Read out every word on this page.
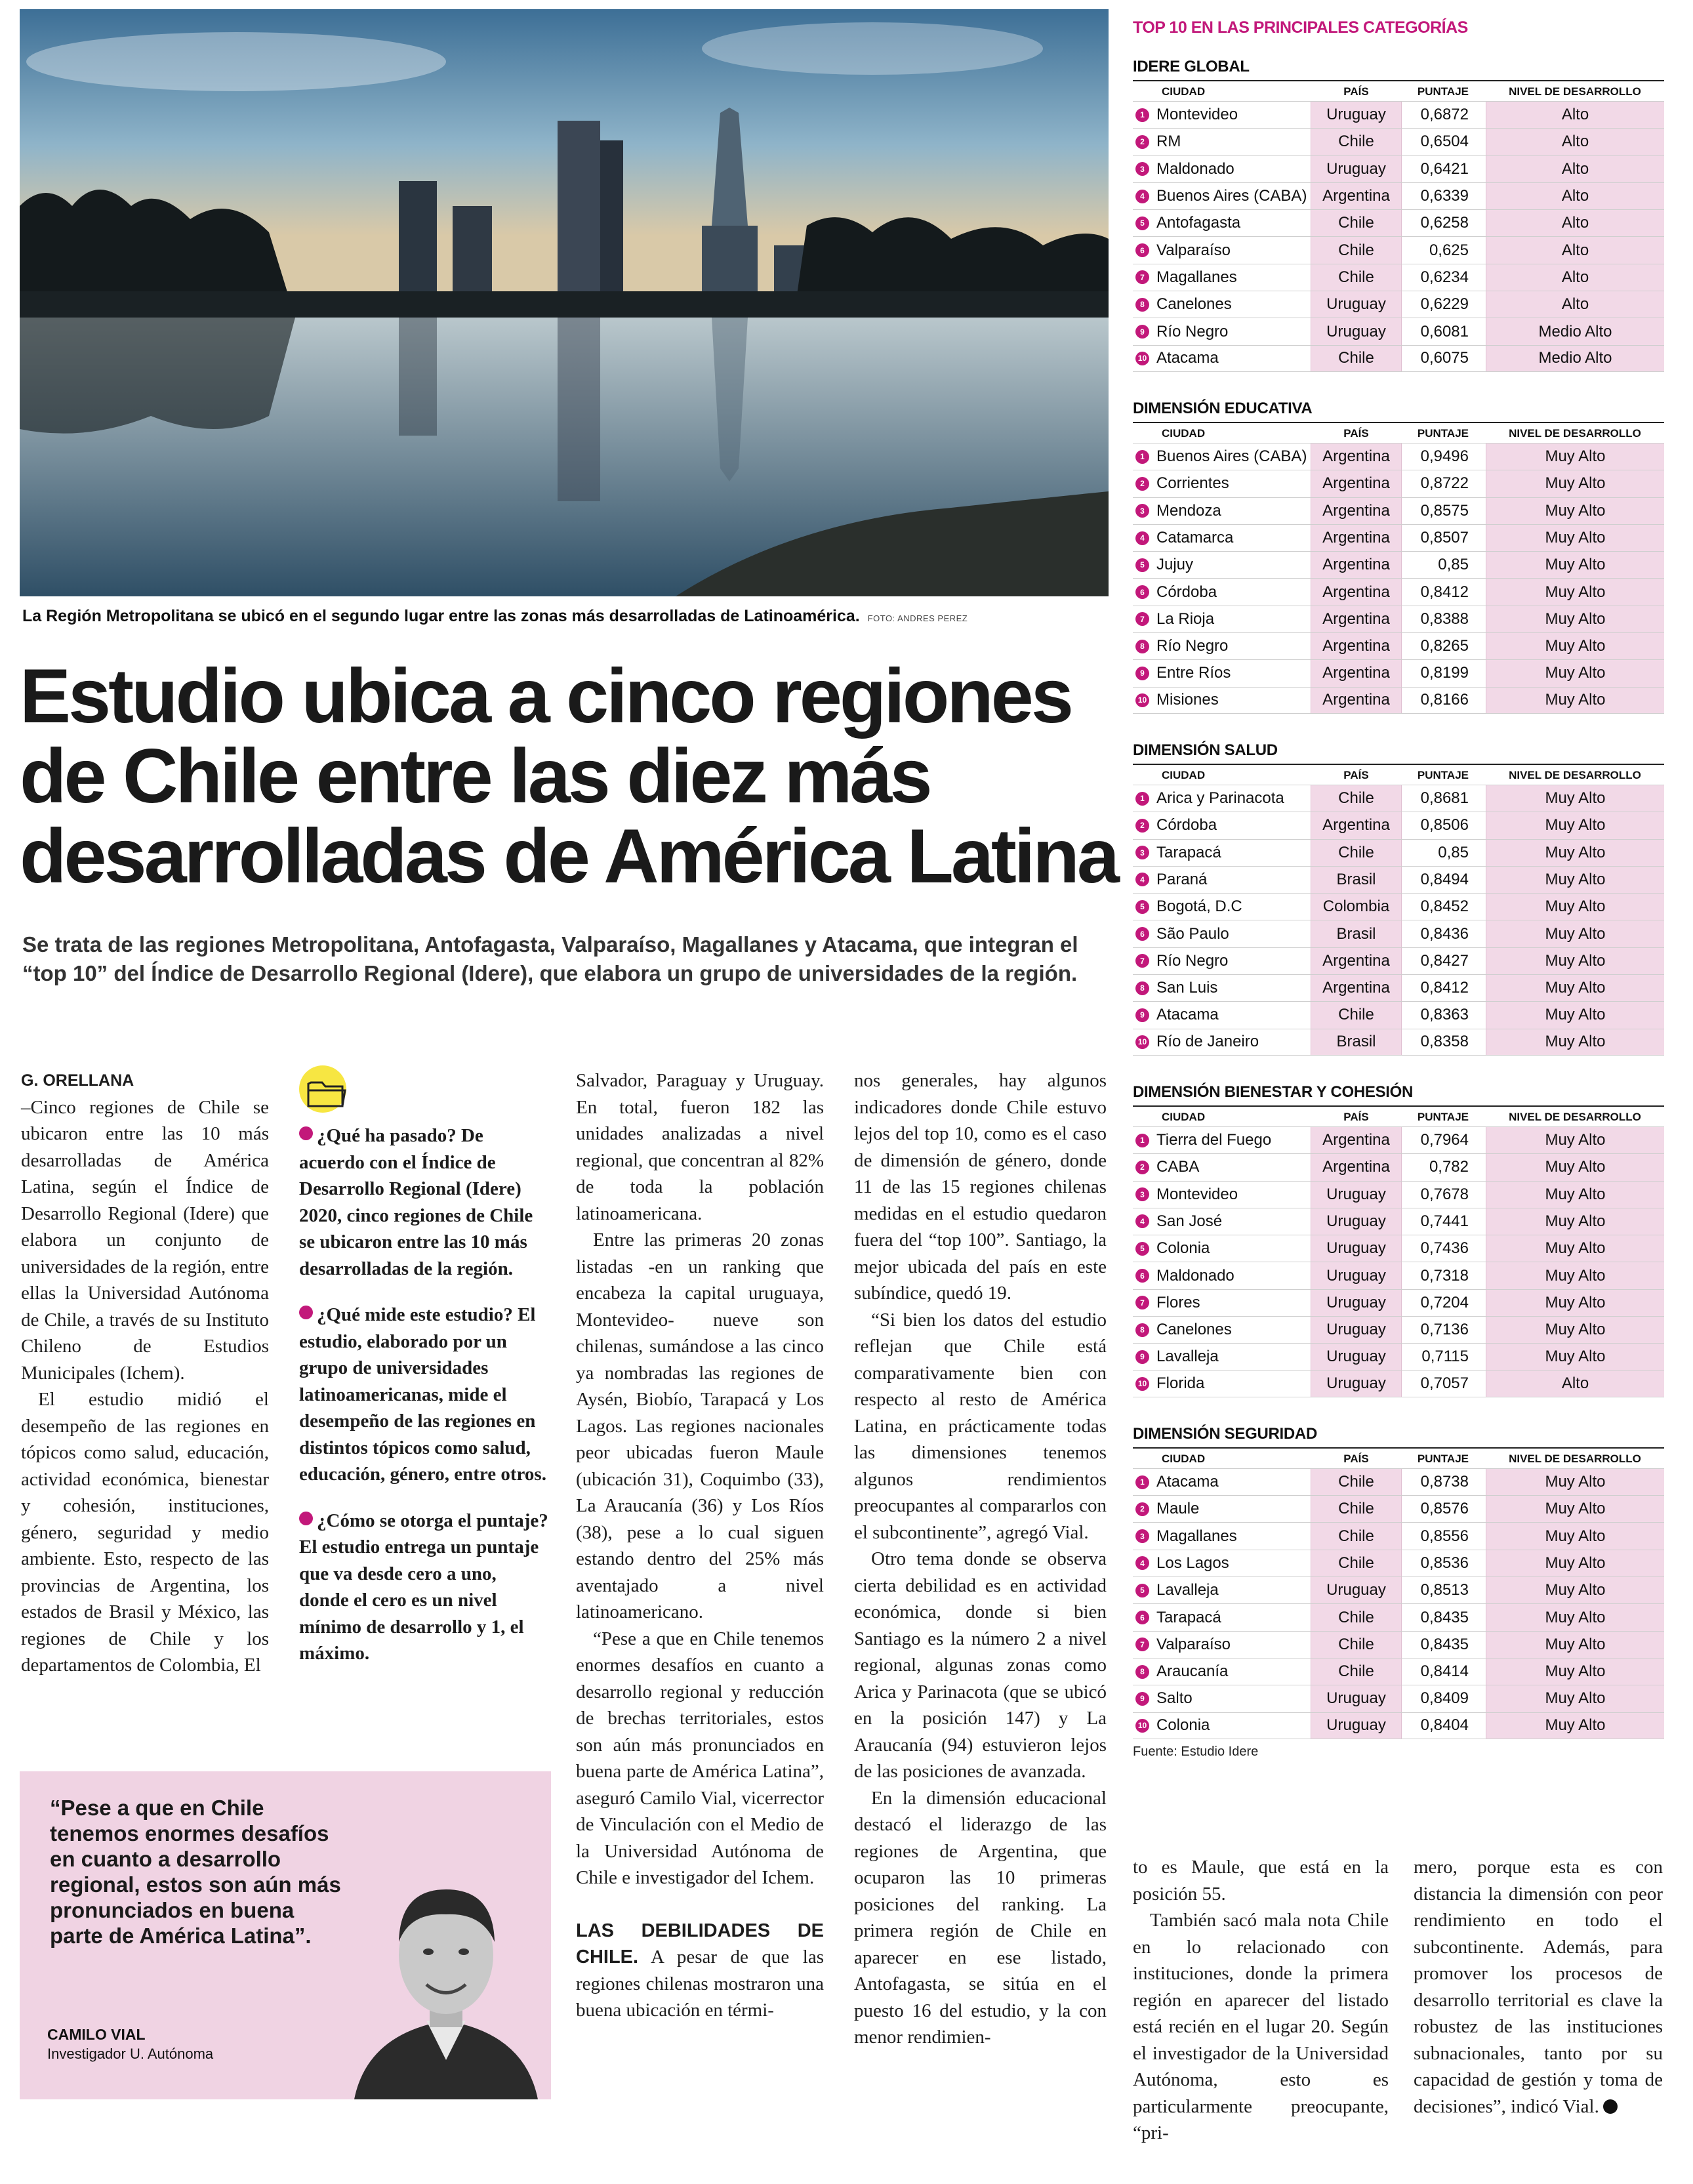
La Región Metropolitana se ubicó en el segundo lugar entre las zonas más desarrolladas de Latinoamérica. FOTO: ANDRES PEREZ
Estudio ubica a cinco regiones
de Chile entre las diez más
desarrolladas de América Latina

Se trata de las regiones Metropolitana, Antofagasta, Valparaíso, Magallanes y Atacama, que integran el “top 10” del Índice de Desarrollo Regional (Idere), que elabora un grupo de universidades de la región.

G. ORELLANA

–Cinco regiones de Chile se ubicaron entre las 10 más desarrolladas de América Latina, según el Índice de Desarrollo Regional (Idere) que elabora un conjunto de universidades de la región, entre ellas la Universidad Autónoma de Chile, a través de su Instituto Chileno de Estudios Municipales (Ichem).

El estudio midió el desempeño de las regiones en tópicos como salud, educación, actividad económica, bienestar y cohesión, instituciones, género, seguridad y medio ambiente. Esto, respecto de las provincias de Argentina, los estados de Brasil y México, las regiones de Chile y los departamentos de Colombia, El

¿Qué ha pasado? De acuerdo con el Índice de Desarrollo Regional (Idere) 2020, cinco regiones de Chile se ubicaron entre las 10 más desarrolladas de la región.
¿Qué mide este estudio? El estudio, elaborado por un grupo de universidades latinoamericanas, mide el desempeño de las regiones en distintos tópicos como salud, educación, género, entre otros.
¿Cómo se otorga el puntaje? El estudio entrega un puntaje que va desde cero a uno, donde el cero es un nivel mínimo de desarrollo y 1, el máximo.

Salvador, Paraguay y Uruguay. En total, fueron 182 las unidades analizadas a nivel regional, que concentran al 82% de toda la población latinoamericana.

Entre las primeras 20 zonas listadas -en un ranking que encabeza la capital uruguaya, Montevideo- nueve son chilenas, sumándose a las cinco ya nombradas las regiones de Aysén, Biobío, Tarapacá y Los Lagos. Las regiones nacionales peor ubicadas fueron Maule (ubicación 31), Coquimbo (33), La Araucanía (36) y Los Ríos (38), pese a lo cual siguen estando dentro del 25% más aventajado a nivel latinoamericano.

“Pese a que en Chile tenemos enormes desafíos en cuanto a desarrollo regional y reducción de brechas territoriales, estos son aún más pronunciados en buena parte de América Latina”, aseguró Camilo Vial, vicerrector de Vinculación con el Medio de la Universidad Autónoma de Chile e investigador del Ichem.

LAS DEBILIDADES DE CHILE. A pesar de que las regiones chilenas mostraron una buena ubicación en térmi-

nos generales, hay algunos indicadores donde Chile estuvo lejos del top 10, como es el caso de dimensión de género, donde 11 de las 15 regiones chilenas medidas en el estudio quedaron fuera del “top 100”. Santiago, la mejor ubicada del país en este subíndice, quedó 19.

“Si bien los datos del estudio reflejan que Chile está comparativamente bien con respecto al resto de América Latina, en prácticamente todas las dimensiones tenemos algunos rendimientos preocupantes al compararlos con el subcontinente”, agregó Vial.

Otro tema donde se observa cierta debilidad es en actividad económica, donde si bien Santiago es la número 2 a nivel regional, algunas zonas como Arica y Parinacota (que se ubicó en la posición 147) y La Araucanía (94) estuvieron lejos de las posiciones de avanzada.

En la dimensión educacional destacó el liderazgo de las regiones de Argentina, que ocuparon las 10 primeras posiciones del ranking. La primera región de Chile en aparecer en ese listado, Antofagasta, se sitúa en el puesto 16 del estudio, y la con menor rendimien-

to es Maule, que está en la posición 55.

También sacó mala nota Chile en lo relacionado con instituciones, donde la primera región en aparecer del listado está recién en el lugar 20. Según el investigador de la Universidad Autónoma, esto es particularmente preocupante, “pri-

mero, porque esta es con distancia la dimensión con peor rendimiento en todo el subcontinente. Además, para promover los procesos de desarrollo territorial es clave la robustez de las instituciones subnacionales, tanto por su capacidad de gestión y toma de decisiones”, indicó Vial.

“Pese a que en Chile tenemos enormes desafíos en cuanto a desarrollo regional, estos son aún más pronunciados en buena parte de América Latina”.

CAMILO VIAL

Investigador U. Autónoma

TOP 10 EN LAS PRINCIPALES CATEGORÍAS
IDERE GLOBAL
CIUDAD	PAÍS	PUNTAJE	NIVEL DE DESARROLLO
1 Montevideo	Uruguay	0,6872	Alto
2 RM	Chile	0,6504	Alto
3 Maldonado	Uruguay	0,6421	Alto
4 Buenos Aires (CABA) Argentina	0,6339	Alto
5 Antofagasta	Chile	0,6258	Alto
6 Valparaíso	Chile	0,625	Alto
7 Magallanes	Chile	0,6234	Alto
8 Canelones	Uruguay	0,6229	Alto
9 Río Negro	Uruguay	0,6081	Medio Alto
10 Atacama	Chile	0,6075	Medio Alto
DIMENSIÓN EDUCATIVA
CIUDAD	PAÍS	PUNTAJE	NIVEL DE DESARROLLO
1 Buenos Aires (CABA) Argentina	0,9496	Muy Alto
2 Corrientes	Argentina	0,8722	Muy Alto
3 Mendoza	Argentina	0,8575	Muy Alto
4 Catamarca	Argentina	0,8507	Muy Alto
5 Jujuy	Argentina	0,85	Muy Alto
6 Córdoba	Argentina	0,8412	Muy Alto
7 La Rioja	Argentina	0,8388	Muy Alto
8 Río Negro	Argentina	0,8265	Muy Alto
9 Entre Ríos	Argentina	0,8199	Muy Alto
10 Misiones	Argentina	0,8166	Muy Alto
DIMENSIÓN SALUD
CIUDAD	PAÍS	PUNTAJE	NIVEL DE DESARROLLO
1 Arica y Parinacota	Chile	0,8681	Muy Alto
2 Córdoba	Argentina	0,8506	Muy Alto
3 Tarapacá	Chile	0,85	Muy Alto
4 Paraná	Brasil	0,8494	Muy Alto
5 Bogotá, D.C	Colombia	0,8452	Muy Alto
6 São Paulo	Brasil	0,8436	Muy Alto
7 Río Negro	Argentina	0,8427	Muy Alto
8 San Luis	Argentina	0,8412	Muy Alto
9 Atacama	Chile	0,8363	Muy Alto
10 Río de Janeiro	Brasil	0,8358	Muy Alto
DIMENSIÓN BIENESTAR Y COHESIÓN
CIUDAD	PAÍS	PUNTAJE	NIVEL DE DESARROLLO
1 Tierra del Fuego	Argentina	0,7964	Muy Alto
2 CABA	Argentina	0,782	Muy Alto
3 Montevideo	Uruguay	0,7678	Muy Alto
4 San José	Uruguay	0,7441	Muy Alto
5 Colonia	Uruguay	0,7436	Muy Alto
6 Maldonado	Uruguay	0,7318	Muy Alto
7 Flores	Uruguay	0,7204	Muy Alto
8 Canelones	Uruguay	0,7136	Muy Alto
9 Lavalleja	Uruguay	0,7115	Muy Alto
10 Florida	Uruguay	0,7057	Alto
DIMENSIÓN SEGURIDAD
CIUDAD	PAÍS	PUNTAJE	NIVEL DE DESARROLLO
1 Atacama	Chile	0,8738	Muy Alto
2 Maule	Chile	0,8576	Muy Alto
3 Magallanes	Chile	0,8556	Muy Alto
4 Los Lagos	Chile	0,8536	Muy Alto
5 Lavalleja	Uruguay	0,8513	Muy Alto
6 Tarapacá	Chile	0,8435	Muy Alto
7 Valparaíso	Chile	0,8435	Muy Alto
8 Araucanía	Chile	0,8414	Muy Alto
9 Salto	Uruguay	0,8409	Muy Alto
10 Colonia	Uruguay	0,8404	Muy Alto
Fuente: Estudio Idere
